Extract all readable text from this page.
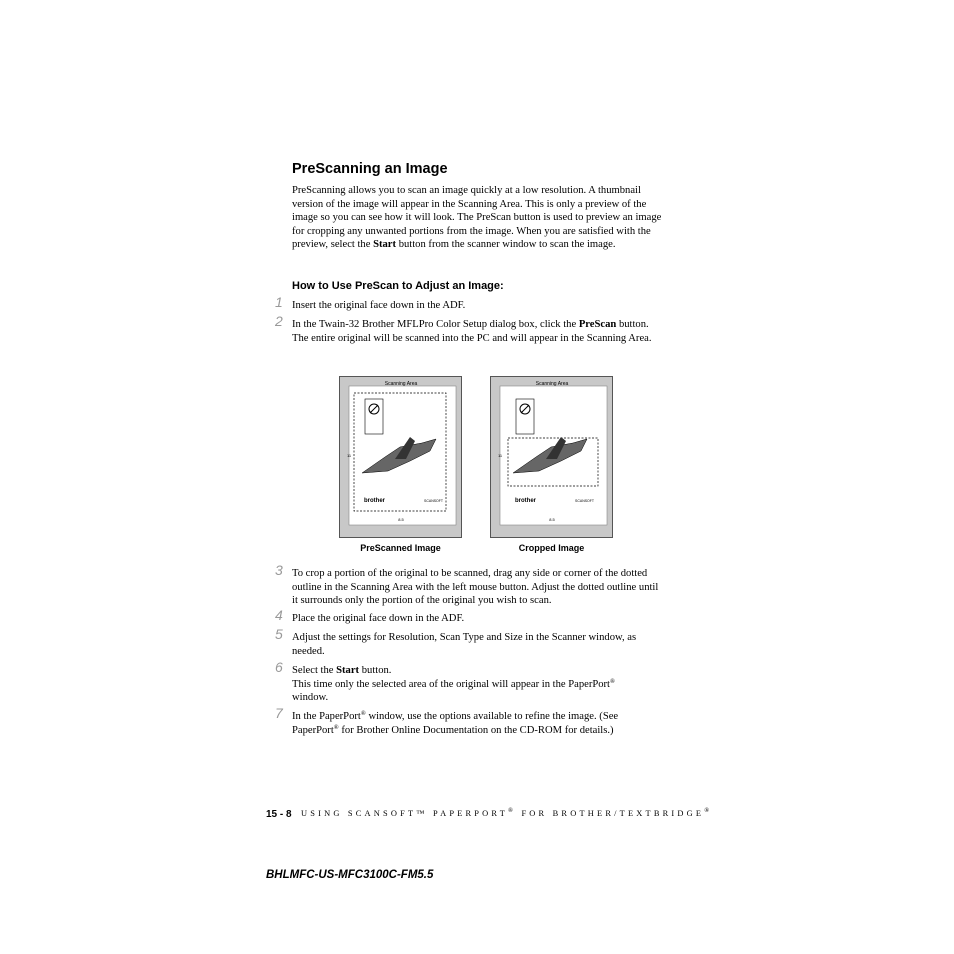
PreScanning an Image

PreScanning allows you to scan an image quickly at a low resolution. A thumbnail version of the image will appear in the Scanning Area. This is only a preview of the image so you can see how it will look. The PreScan button is used to preview an image for cropping any unwanted portions from the image. When you are satisfied with the preview, select the Start button from the scanner window to scan the image.

How to Use PreScan to Adjust an Image:
1 Insert the original face down in the ADF.

2 In the Twain-32 Brother MFLPro Color Setup dialog box, click the PreScan button.

The entire original will be scanned into the PC and will appear in the Scanning Area.

Scanning Area
11
8.5
brother	SCANSOFT
PreScanned Image
Scanning Area
11
8.5
brother	SCANSOFT
Cropped Image
3 To crop a portion of the original to be scanned, drag any side or corner of the dotted outline in the Scanning Area with the left mouse button. Adjust the dotted outline until it surrounds only the portion of the original you wish to scan.

4 Place the original face down in the ADF.

5 Adjust the settings for Resolution, Scan Type and Size in the Scanner window, as needed.

6 Select the Start button.

This time only the selected area of the original will appear in the PaperPort®
window.

7 In the PaperPort® window, use the options available to refine the image. (See PaperPort® for Brother Online Documentation on the CD-ROM for details.)

15 - 8 USING SCANSOFT™ PAPERPORT® FOR BROTHER/TEXTBRIDGE®
BHLMFC-US-MFC3100C-FM5.5
